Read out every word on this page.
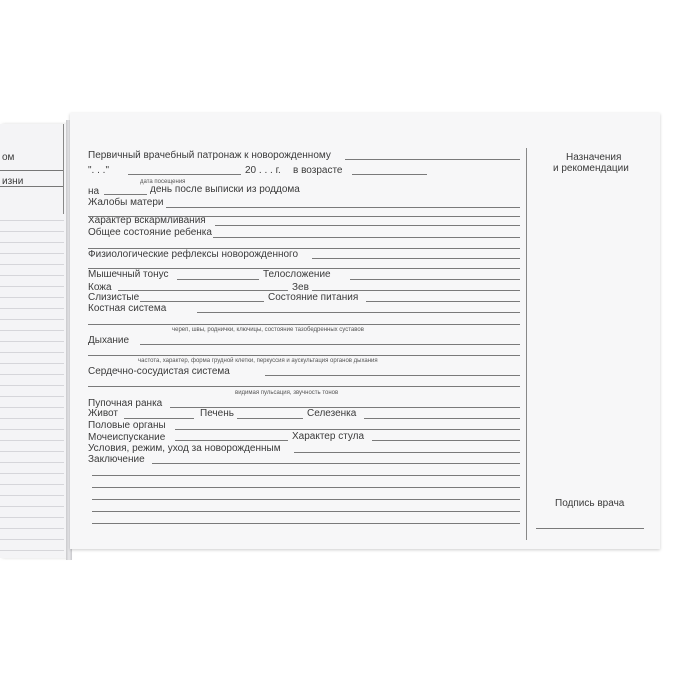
ом
изни
Первичный врачебный патронаж к новорожденному
". . ."	20 . . . г. в возрасте
дата посещения
на	день после выписки из роддома
Жалобы матери
Характер вскармливания
Общее состояние ребенка
Физиологические рефлексы новорожденного
Мышечный тонус	Телосложение
Кожа	Зев
Слизистые	Состояние питания
Костная система
череп, швы, роднички, ключицы, состояние тазобедренных суставов
Дыхание
частота, характер, форма грудной клетки, перкуссия и аускультация органов дыхания
Сердечно-сосудистая система
видимая пульсация, звучность тонов
Пупочная ранка
Живот	Печень	Селезенка
Половые органы
Мочеиспускание	Характер стула
Условия, режим, уход за новорожденным
Заключение
Назначения
и рекомендации
Подпись врача
